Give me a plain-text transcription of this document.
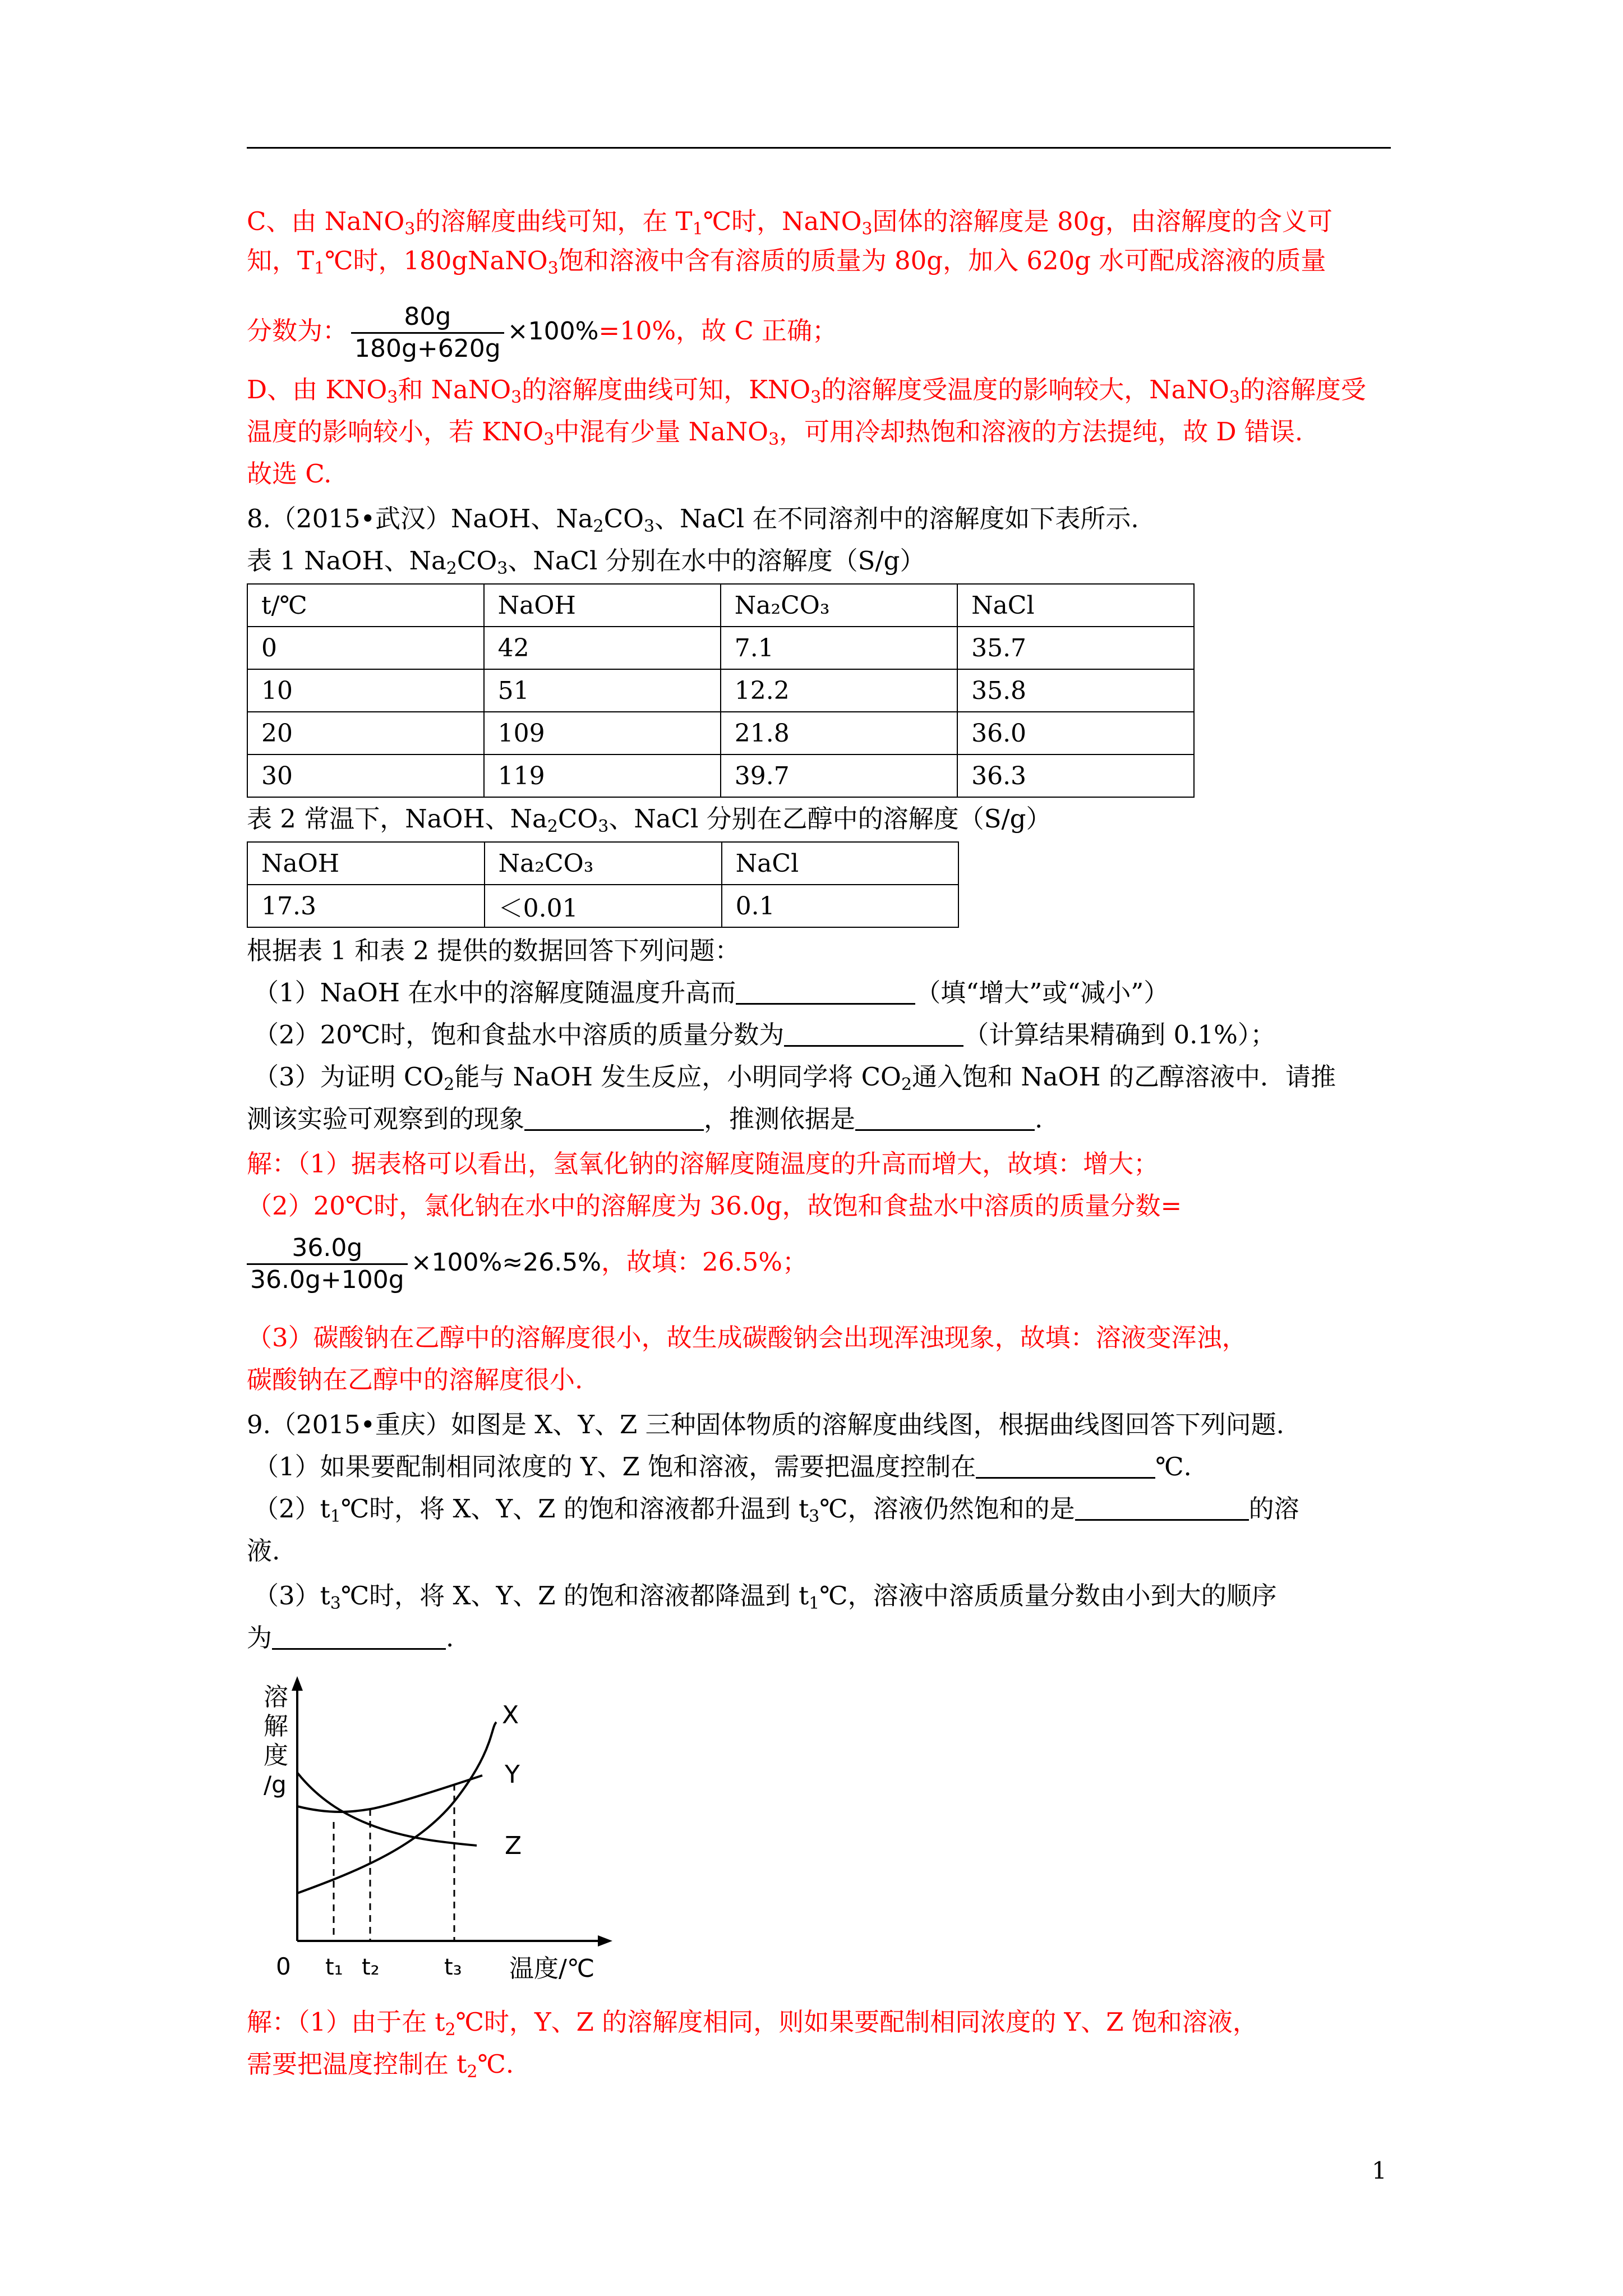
C、由 NaNO$_3$的溶解度曲线可知，在 $T_1℃$时，NaNO$_3$固体的溶解度是 80g，由溶解度的含义可
知，$T_1℃$时，180gNaNO$_3$饱和溶液中含有溶质的质量为 80g，加入 620g 水可配成溶液的质量
分数为： $\frac{80g}{180g+620g} \times 100\%=10\%$，故 C 正确；
D、由 $KNO_3$和 NaNO$_3$的溶解度曲线可知，$KNO_3$的溶解度受温度的影响较大，NaNO$_3$的溶解度受
温度的影响较小，若 $KNO_3$中混有少量 NaNO$_3$，可用冷却热饱和溶液的方法提纯，故 D 错误.
故选 C.
8.（2015•武汉）NaOH、$Na_2CO_3$、NaCl 在不同溶剂中的溶解度如下表所示.
表 1 NaOH、$Na_2CO_3$、NaCl 分别在水中的溶解度（S/g）
t/℃	NaOH	Na₂CO₃	NaCl
0	42	7.1	35.7
10	51	12.2	35.8
20	109	21.8	36.0
30	119	39.7	36.3
表 2 常温下，NaOH、$Na_2CO_3$、NaCl 分别在乙醇中的溶解度（S/g）
NaOH	Na₂CO₃	NaCl
17.3	＜0.01	0.1
根据表 1 和表 2 提供的数据回答下列问题：
（1）NaOH 在水中的溶解度随温度升高而	（填“增大”或“减小”）
（2）20℃时，饱和食盐水中溶质的质量分数为	（计算结果精确到 0.1%）；
（3）为证明 $CO_2$能与 NaOH 发生反应，小明同学将 $CO_2$通入饱和 NaOH 的乙醇溶液中．请推
测该实验可观察到的现象	，推测依据是	.
解：（1）据表格可以看出，氢氧化钠的溶解度随温度的升高而增大，故填：增大；
（2）20℃时，氯化钠在水中的溶解度为 36.0g，故饱和食盐水中溶质的质量分数=
$\frac{36.0g}{36.0g+100g} \times 100\%\approx 26.5\%$，故填：26.5%；
（3）碳酸钠在乙醇中的溶解度很小，故生成碳酸钠会出现浑浊现象，故填：溶液变浑浊，
碳酸钠在乙醇中的溶解度很小.
9.（2015•重庆）如图是 X、Y、Z 三种固体物质的溶解度曲线图，根据曲线图回答下列问题.
（1）如果要配制相同浓度的 Y、Z 饱和溶液，需要把温度控制在	℃.
$(2)t_1℃$时，将 X、Y、Z 的饱和溶液都升温到 $t_3℃$，溶液仍然饱和的是	的溶
液.
$(3)t_3℃$时，将 X、Y、Z 的饱和溶液都降温到 $t_1℃$，溶液中溶质质量分数由小到大的顺序
为	.
溶
解
度
/g
X
Y
Z
0 t₁ t₂	t₃ 温度/℃
解：（1）由于在 $t_2℃$时，Y、Z 的溶解度相同，则如果要配制相同浓度的 Y、Z 饱和溶液，
需要把温度控制在 $t_2℃$.
1
